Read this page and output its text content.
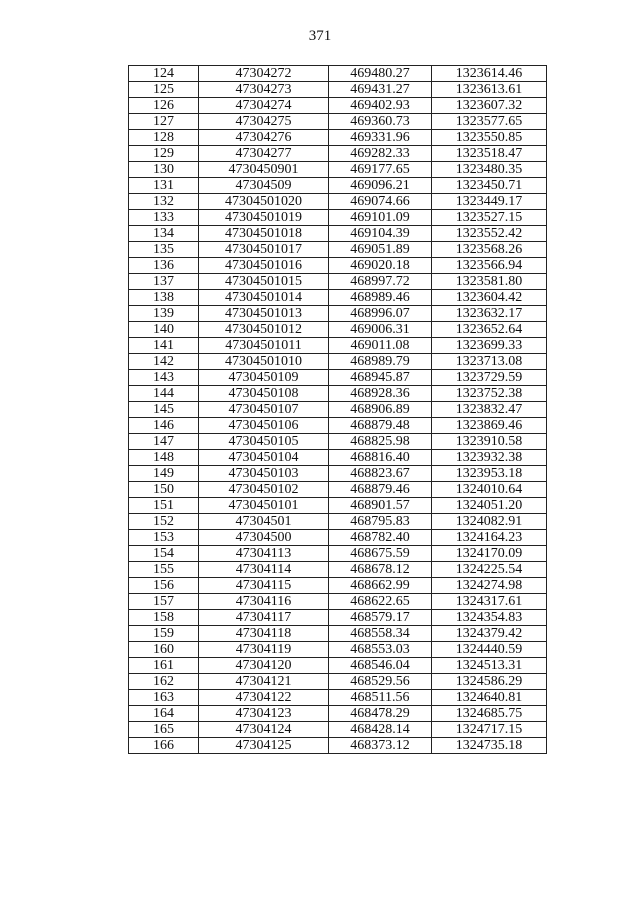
371
124	47304272	469480.27	1323614.46
125	47304273	469431.27	1323613.61
126	47304274	469402.93	1323607.32
127	47304275	469360.73	1323577.65
128	47304276	469331.96	1323550.85
129	47304277	469282.33	1323518.47
130	4730450901	469177.65	1323480.35
131	47304509	469096.21	1323450.71
132	47304501020	469074.66	1323449.17
133	47304501019	469101.09	1323527.15
134	47304501018	469104.39	1323552.42
135	47304501017	469051.89	1323568.26
136	47304501016	469020.18	1323566.94
137	47304501015	468997.72	1323581.80
138	47304501014	468989.46	1323604.42
139	47304501013	468996.07	1323632.17
140	47304501012	469006.31	1323652.64
141	47304501011	469011.08	1323699.33
142	47304501010	468989.79	1323713.08
143	4730450109	468945.87	1323729.59
144	4730450108	468928.36	1323752.38
145	4730450107	468906.89	1323832.47
146	4730450106	468879.48	1323869.46
147	4730450105	468825.98	1323910.58
148	4730450104	468816.40	1323932.38
149	4730450103	468823.67	1323953.18
150	4730450102	468879.46	1324010.64
151	4730450101	468901.57	1324051.20
152	47304501	468795.83	1324082.91
153	47304500	468782.40	1324164.23
154	47304113	468675.59	1324170.09
155	47304114	468678.12	1324225.54
156	47304115	468662.99	1324274.98
157	47304116	468622.65	1324317.61
158	47304117	468579.17	1324354.83
159	47304118	468558.34	1324379.42
160	47304119	468553.03	1324440.59
161	47304120	468546.04	1324513.31
162	47304121	468529.56	1324586.29
163	47304122	468511.56	1324640.81
164	47304123	468478.29	1324685.75
165	47304124	468428.14	1324717.15
166	47304125	468373.12	1324735.18
